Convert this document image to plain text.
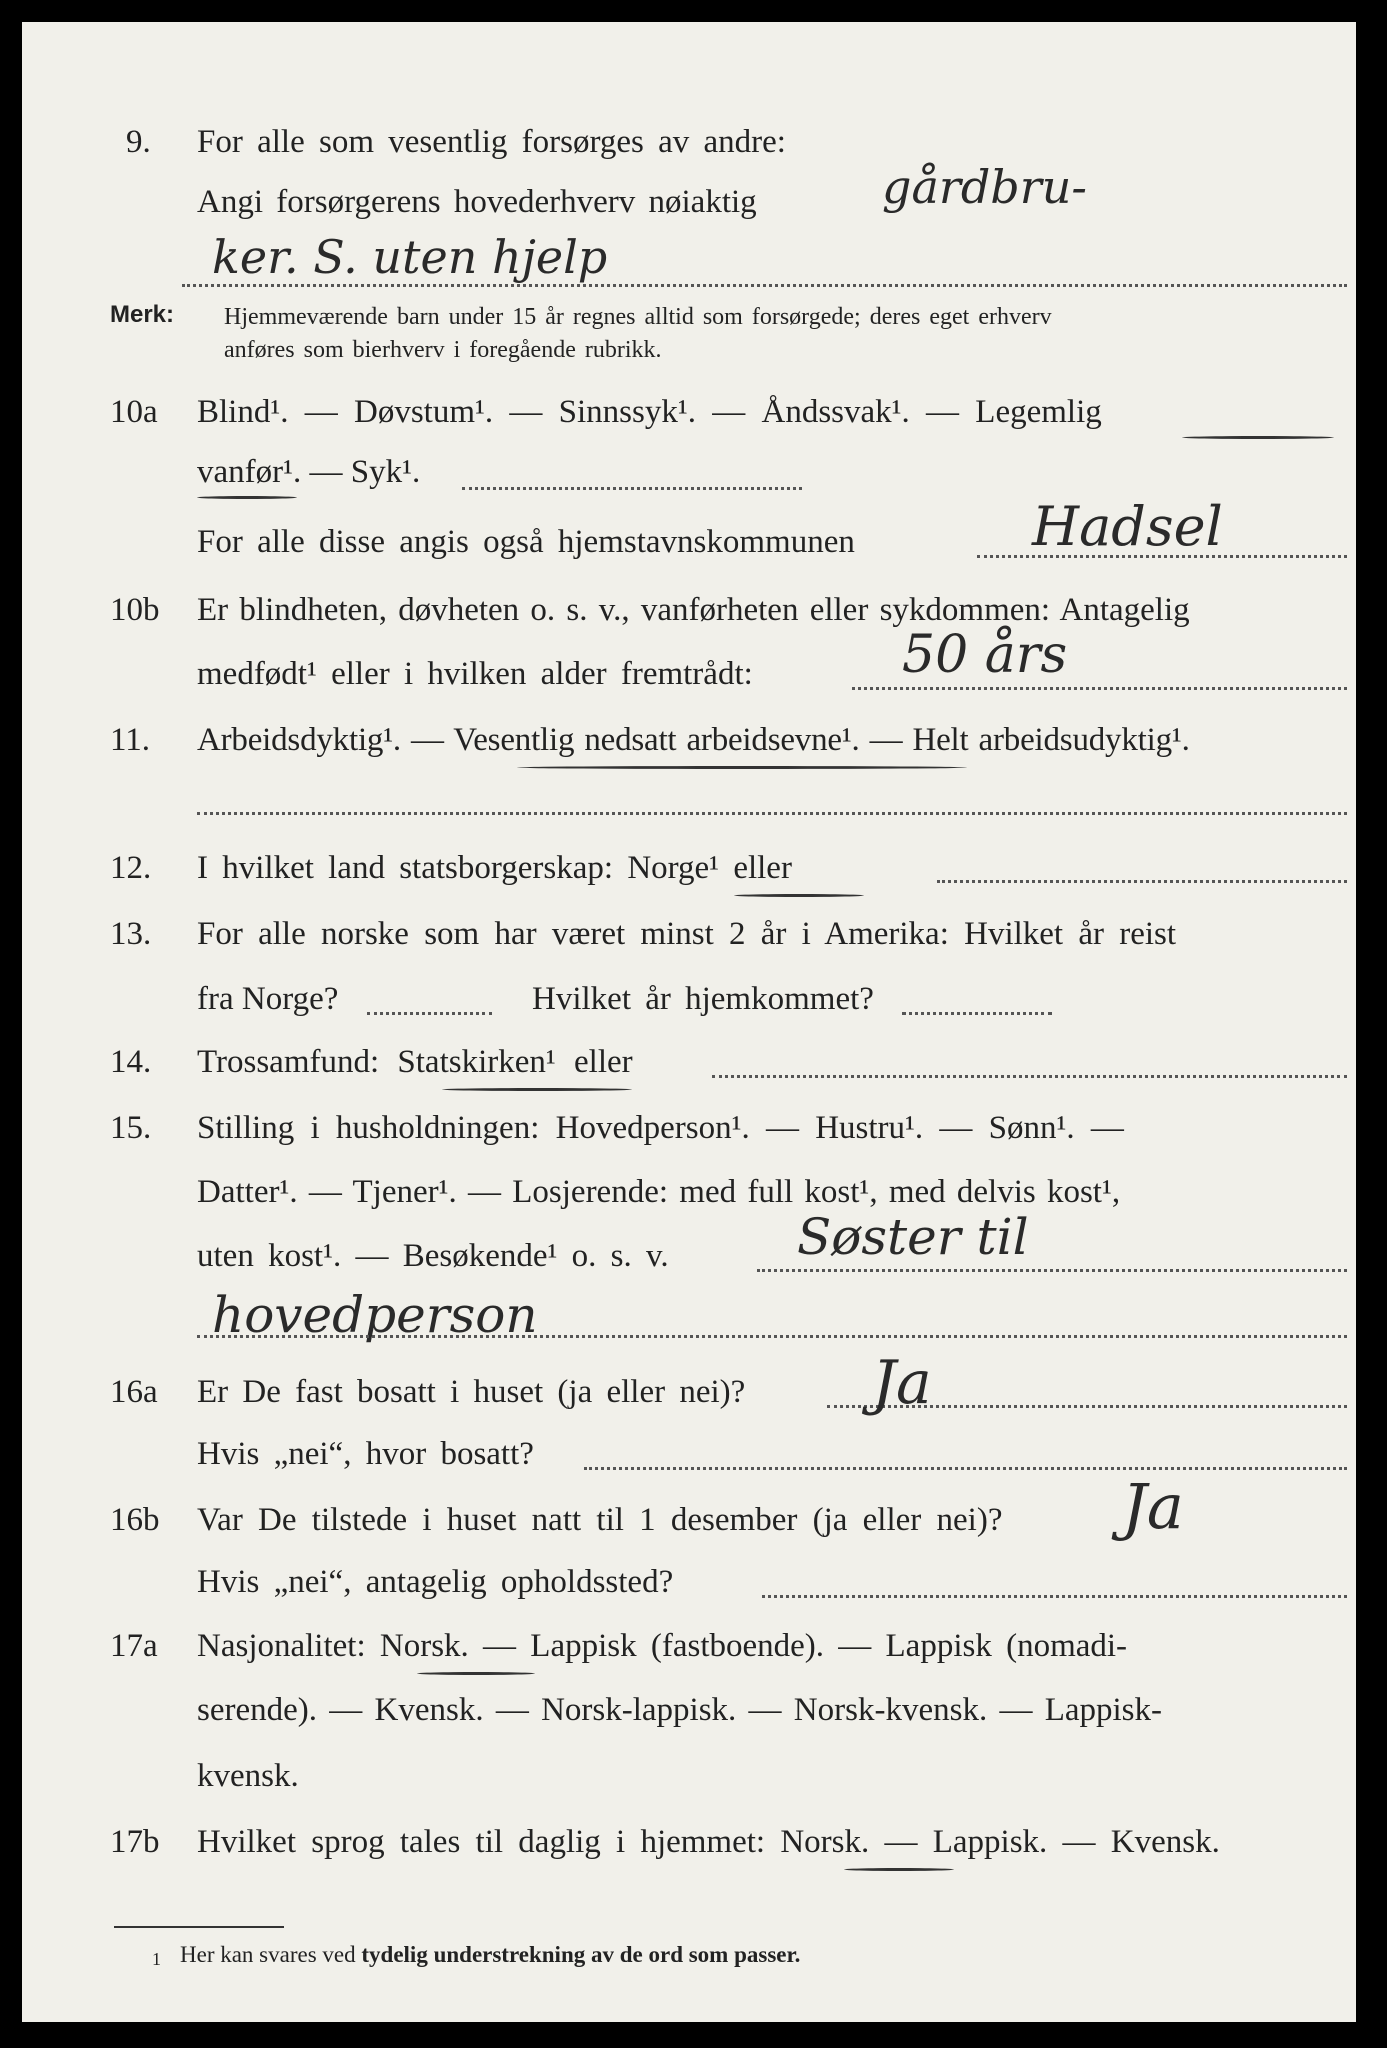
9. For alle som vesentlig forsørges av andre:
Angi forsørgerens hovederhverv nøiaktig	gårdbru-
ker. S. uten hjelp
Merk: Hjemmeværende barn under 15 år regnes alltid som forsørgede; deres eget erhverv
anføres som bierhverv i foregående rubrikk.
10a Blind¹. — Døvstum¹. — Sinnssyk¹. — Åndssvak¹. — Legemlig
vanfør¹. — Syk¹.
For alle disse angis også hjemstavnskommunen	Hadsel
10b Er blindheten, døvheten o. s. v., vanførheten eller sykdommen: Antagelig
medfødt¹ eller i hvilken alder fremtrådt:	50 års
11. Arbeidsdyktig¹. — Vesentlig nedsatt arbeidsevne¹. — Helt arbeidsudyktig¹.
12. I hvilket land statsborgerskap: Norge¹ eller
13. For alle norske som har været minst 2 år i Amerika: Hvilket år reist
fra Norge?	Hvilket år hjemkommet?
14. Trossamfund: Statskirken¹ eller
15. Stilling i husholdningen: Hovedperson¹. — Hustru¹. — Sønn¹. —
Datter¹. — Tjener¹. — Losjerende: med full kost¹, med delvis kost¹,
uten kost¹. — Besøkende¹ o. s. v.	Søster til
hovedperson
16a Er De fast bosatt i huset (ja eller nei)?
Hvis „nei“, hvor bosatt?
Ja
16b Var De tilstede i huset natt til 1 desember (ja eller nei)?
Hvis „nei“, antagelig opholdssted?
Ja
17a Nasjonalitet: Norsk. — Lappisk (fastboende). — Lappisk (nomadi-
serende). — Kvensk. — Norsk-lappisk. — Norsk-kvensk. — Lappisk-
kvensk.
17b Hvilket sprog tales til daglig i hjemmet: Norsk. — Lappisk. — Kvensk.
1 Her kan svares ved tydelig understrekning av de ord som passer.
